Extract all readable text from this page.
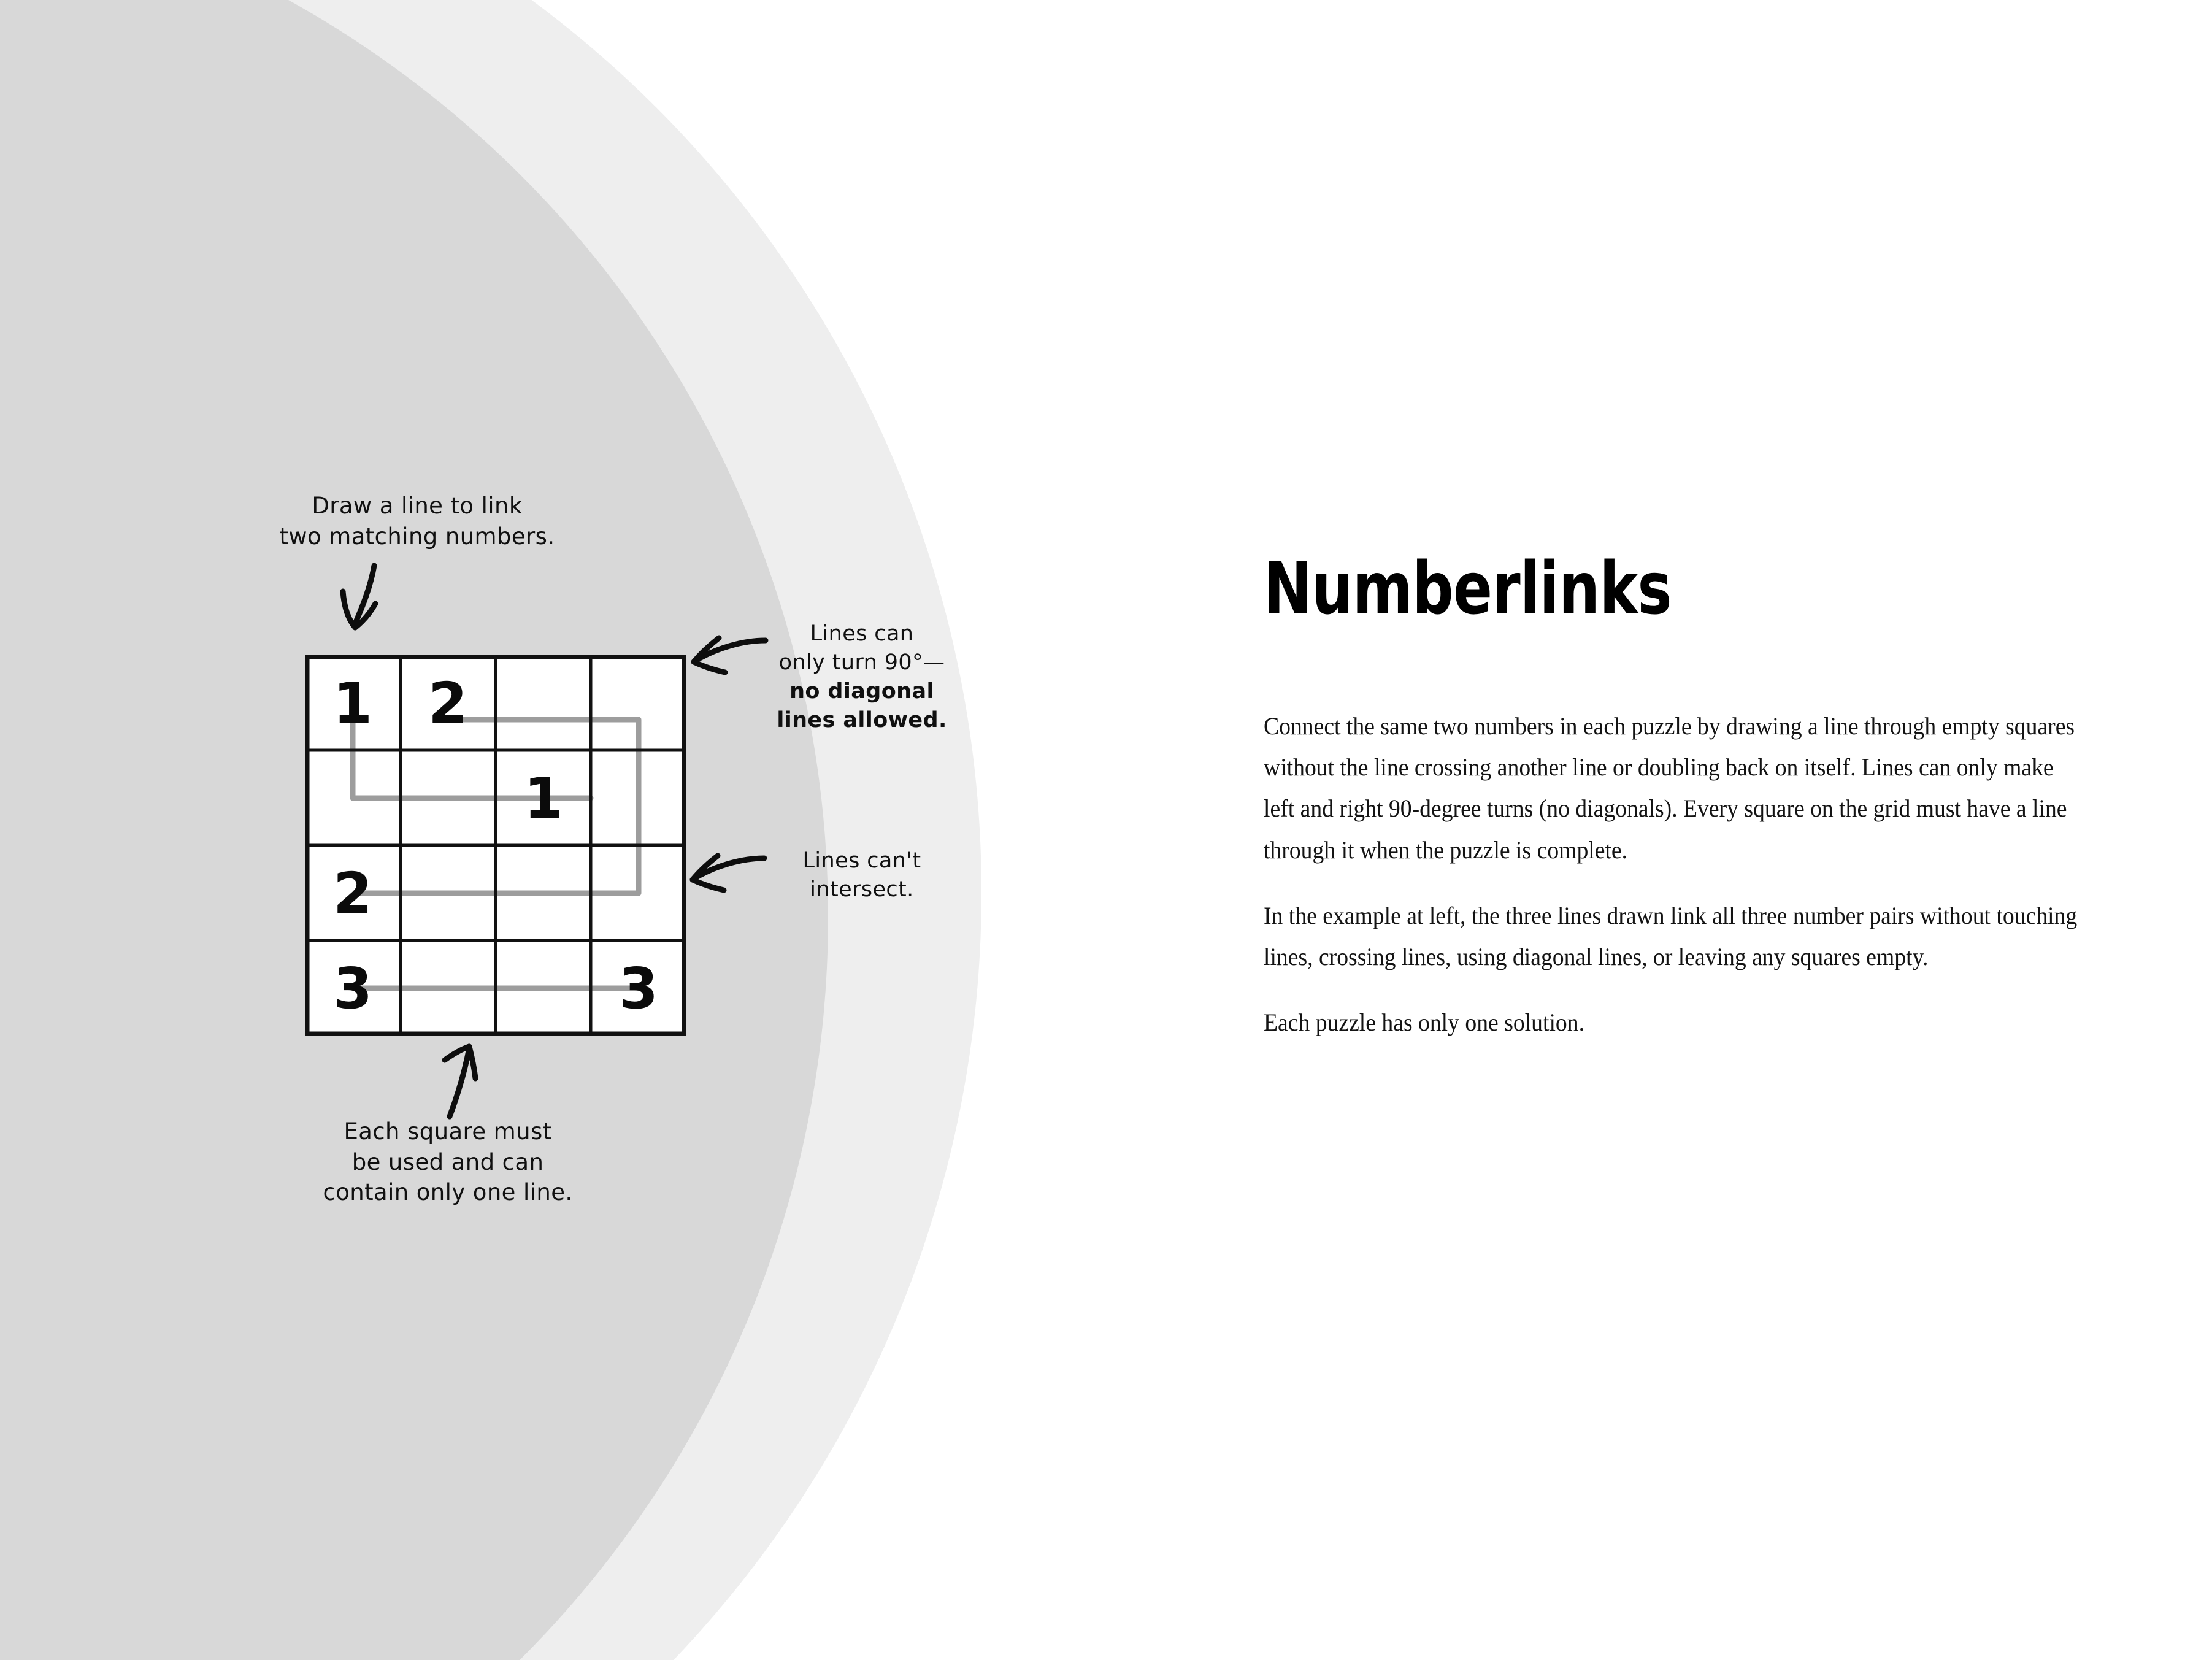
Draw a line to link
two matching numbers.
Lines can
only turn 90°—
no diagonal
lines allowed.
Lines can't
intersect.
Each square must
be used and can
contain only one line.
1 2
1
2
3	3
Numberlinks

Connect the same two numbers in each puzzle by drawing a line through empty squares without the line crossing another line or doubling back on itself. Lines can only make left and right 90-degree turns (no diagonals). Every square on the grid must have a line through it when the puzzle is complete.

In the example at left, the three lines drawn link all three number pairs without touching lines, crossing lines, using diagonal lines, or leaving any squares empty.

Each puzzle has only one solution.
